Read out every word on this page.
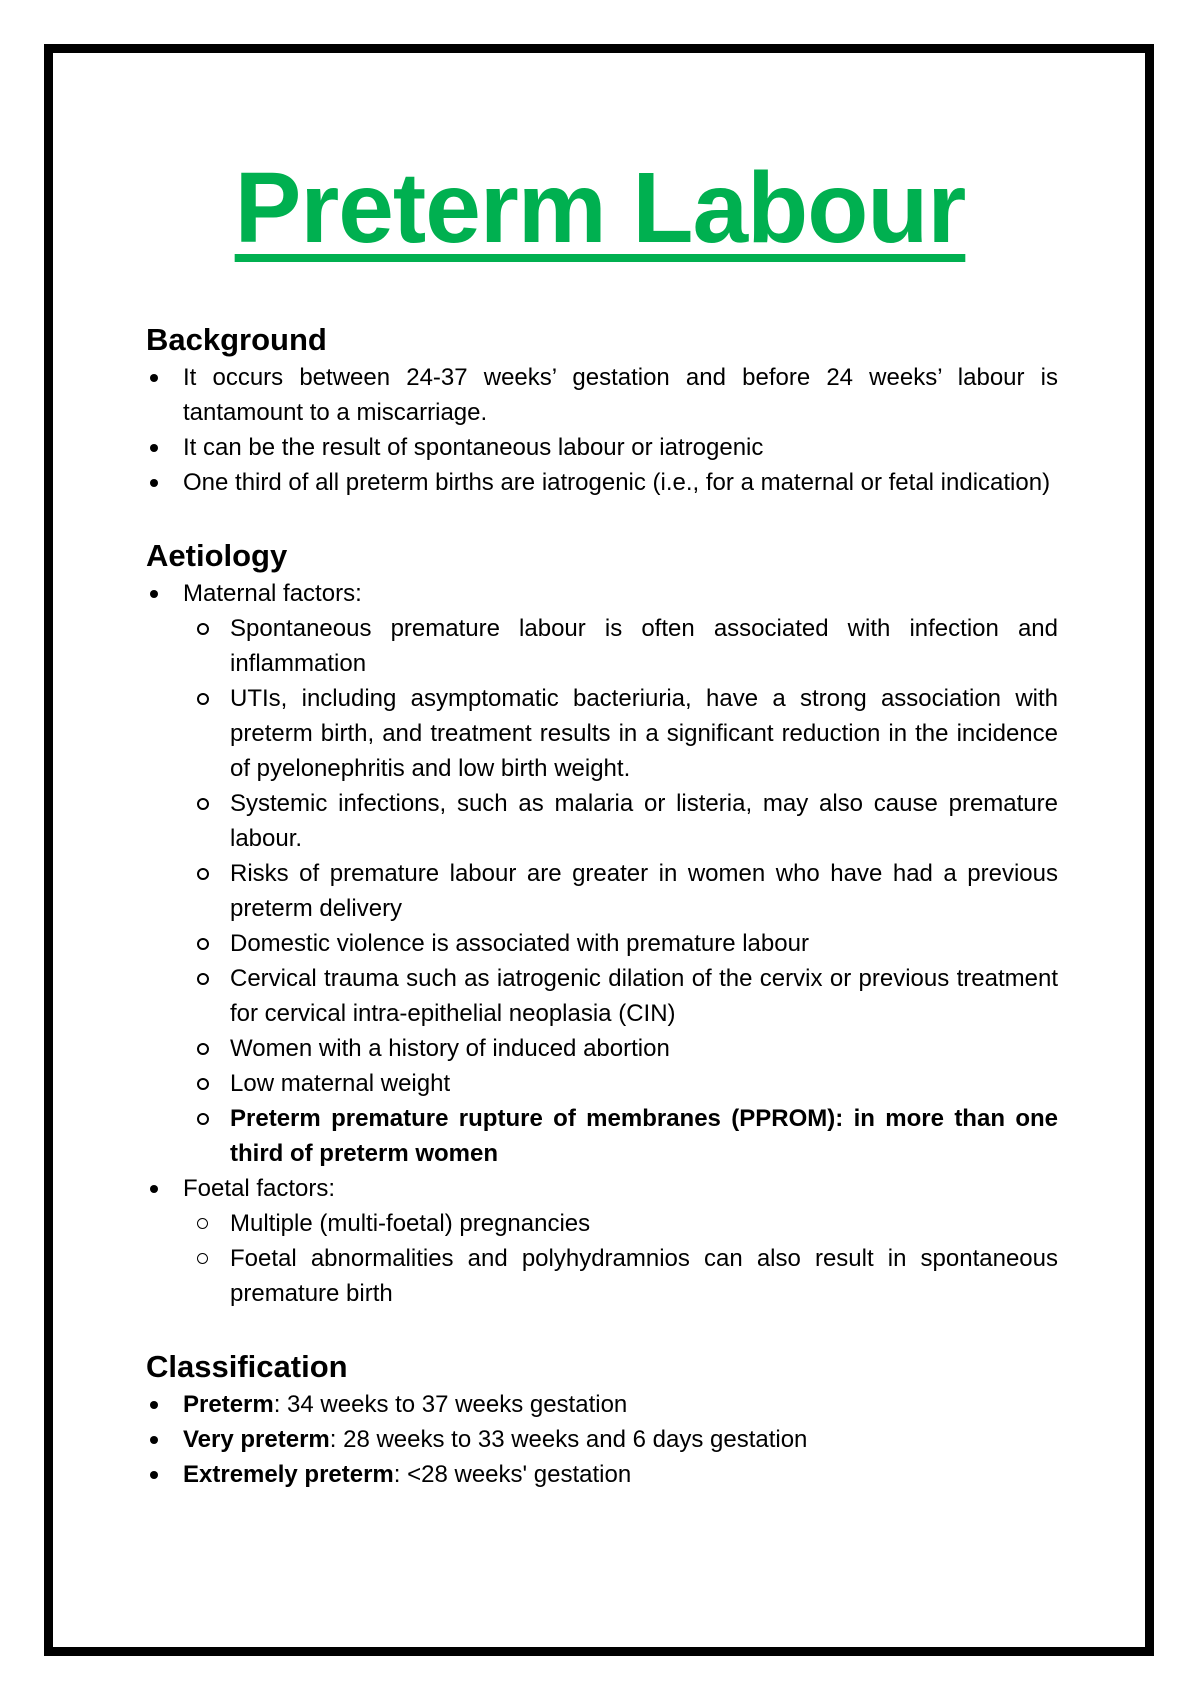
Preterm Labour
Background
It occurs between 24-37 weeks’ gestation and before 24 weeks’ labour is tantamount to a miscarriage.
It can be the result of spontaneous labour or iatrogenic
One third of all preterm births are iatrogenic (i.e., for a maternal or fetal indication)
Aetiology
Maternal factors:
Spontaneous premature labour is often associated with infection and inflammation
UTIs, including asymptomatic bacteriuria, have a strong association with preterm birth, and treatment results in a significant reduction in the incidence of pyelonephritis and low birth weight.
Systemic infections, such as malaria or listeria, may also cause premature labour.
Risks of premature labour are greater in women who have had a previous preterm delivery
Domestic violence is associated with premature labour
Cervical trauma such as iatrogenic dilation of the cervix or previous treatment for cervical intra-epithelial neoplasia (CIN)
Women with a history of induced abortion
Low maternal weight
Preterm premature rupture of membranes (PPROM): in more than one third of preterm women
Foetal factors:
Multiple (multi-foetal) pregnancies
Foetal abnormalities and polyhydramnios can also result in spontaneous premature birth
Classification
Preterm: 34 weeks to 37 weeks gestation
Very preterm: 28 weeks to 33 weeks and 6 days gestation
Extremely preterm: <28 weeks' gestation
